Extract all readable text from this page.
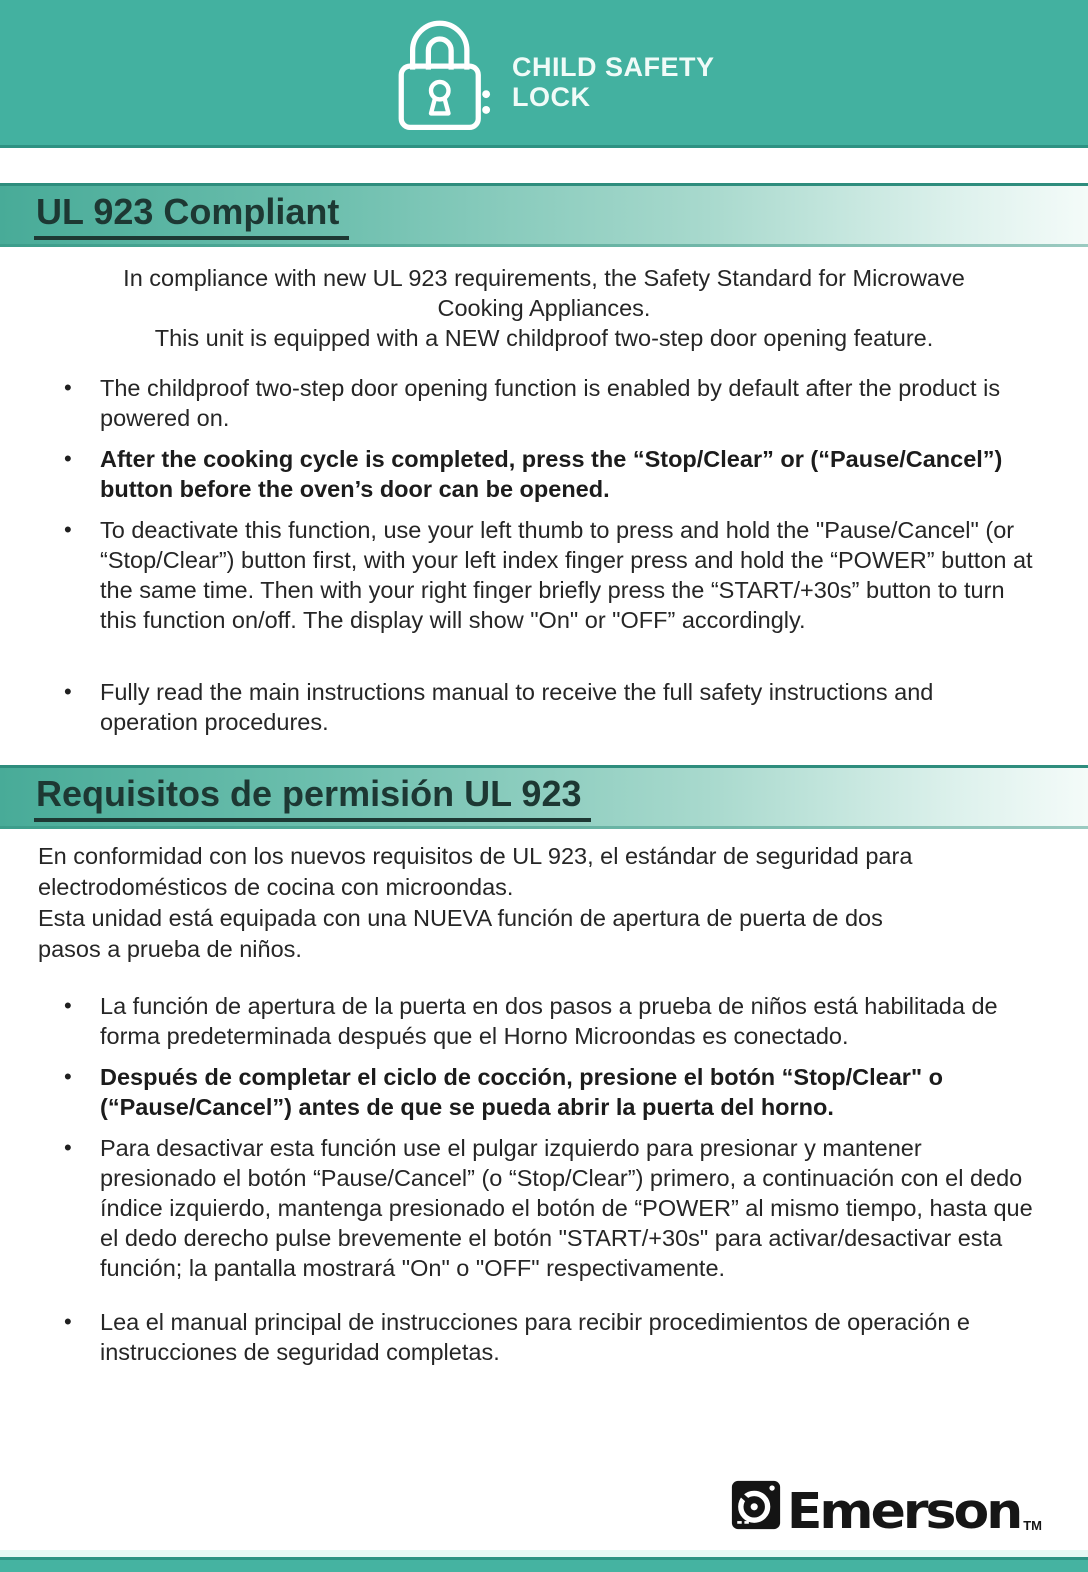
CHILD SAFETY
LOCK
UL 923 Compliant
In compliance with new UL 923 requirements, the Safety Standard for Microwave
Cooking Appliances.
This unit is equipped with a NEW childproof two-step door opening feature.
•	The childproof two-step door opening function is enabled by default after the product is powered on.
•	After the cooking cycle is completed, press the “Stop/Clear” or (“Pause/Cancel”) button before the oven’s door can be opened.
•	To deactivate this function, use your left thumb to press and hold the "Pause/Cancel" (or “Stop/Clear”) button first, with your left index finger press and hold the “POWER” button at the same time. Then with your right finger briefly press the “START/+30s” button to turn this function on/off. The display will show "On" or "OFF” accordingly.
•	Fully read the main instructions manual to receive the full safety instructions and operation procedures.
Requisitos de permisión UL 923
En conformidad con los nuevos requisitos de UL 923, el estándar de seguridad para
electrodomésticos de cocina con microondas.
Esta unidad está equipada con una NUEVA función de apertura de puerta de dos
pasos a prueba de niños.
•	La función de apertura de la puerta en dos pasos a prueba de niños está habilitada de forma predeterminada después que el Horno Microondas es conectado.
•	Después de completar el ciclo de cocción, presione el botón “Stop/Clear" o (“Pause/Cancel”) antes de que se pueda abrir la puerta del horno.
•	Para desactivar esta función use el pulgar izquierdo para presionar y mantener presionado el botón “Pause/Cancel” (o “Stop/Clear”) primero, a continuación con el dedo índice izquierdo, mantenga presionado el botón de “POWER” al mismo tiempo, hasta que el dedo derecho pulse brevemente el botón "START/+30s" para activar/desactivar esta función; la pantalla mostrará "On" o "OFF" respectivamente.
•	Lea el manual principal de instrucciones para recibir procedimientos de operación e instrucciones de seguridad completas.
Emerson TM
